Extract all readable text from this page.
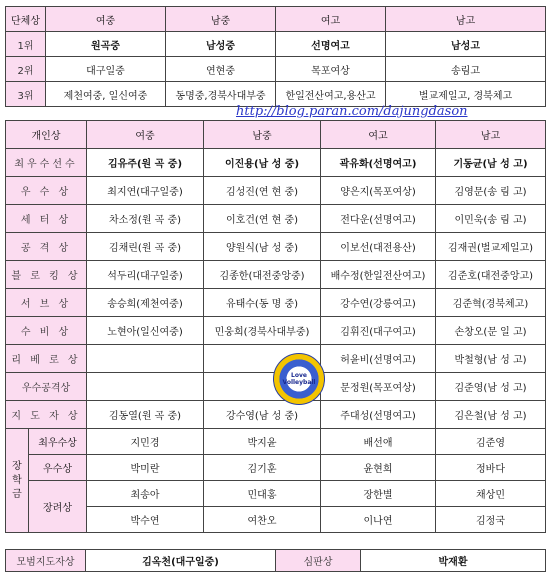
단체상	여중	남중	여고	남고
1위	원곡중	남성중	선명여고	남성고
2위	대구일중	연현중	목포여상	송림고
3위	제천여중, 일신여중	동명중,경북사대부중	한일전산여고,용산고	벌교제일고, 경북체고
http://blog.paran.com/dajungdason
개인상		여중	남중	여고	남고
최우수선수		김유주(원 곡 중)	이진용(남 성 중)	곽유화(선명여고)	기동균(남 성 고)
우 수 상		최지연(대구일중)	김성진(연 현 중)	양은지(목포여상)	김영문(송 림 고)
세 터 상		차소정(원 곡 중)	이호건(연 현 중)	전다운(선명여고)	이민욱(송 림 고)
공 격 상		김채린(원 곡 중)	양원식(남 성 중)	이보선(대전용산)	김재권(벌교제일고)
블 로 킹 상		석두리(대구일중)	김종한(대전중앙중)	배수정(한일전산여고)	김준호(대전중앙고)
서 브 상		송승희(제천여중)	유태수(동 명 중)	강수연(강릉여고)	김준혁(경북체고)
수 비 상		노현아(일신여중)	민웅희(경북사대부중)	김휘진(대구여고)	손창오(문 일 고)
리 베 로 상				허윤비(선명여고)	박철형(남 성 고)
우수공격상				문정원(목포여상)	김준영(남 성 고)
지 도 자 상		김동열(원 곡 중)	강수영(남 성 중)	주대성(선명여고)	김은철(남 성 고)
장
학
금	최우수상	지민경	박지윤	배선애	김준영
	우수상	박미란	김기훈	윤현희	정바다
	장려상	최송아	민대홍	장한별	채상민
		박수연	여찬오	이나연	김정국
Love Volleyball
모범지도자상	김옥천(대구일중)	심판상	박재환
